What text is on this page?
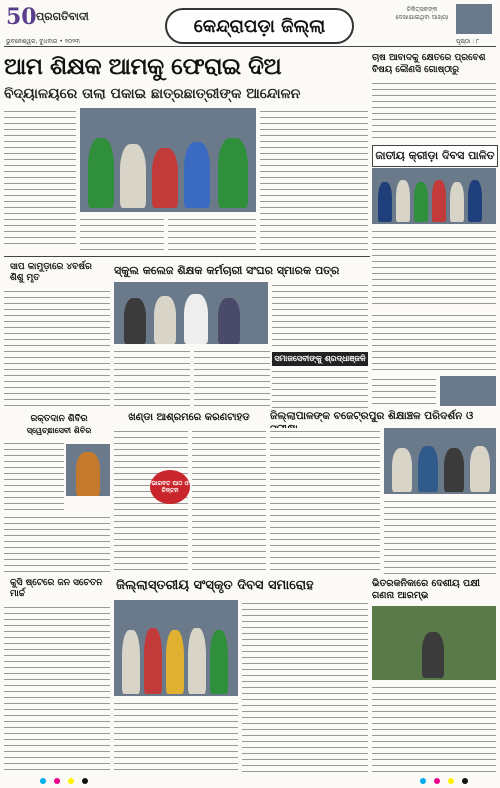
50 ପ୍ରଗତିବାଦୀ
ଭୁବନେଶ୍ୱର, ବୁଧବାର • ୨୦୨୩
କେନ୍ଦ୍ରାପଡ଼ା ଜିଲ୍ଲା
ଚିକିତ୍ସକଙ୍କ ଦେଖାଯାଇଥିବା ଆଖ୍ୟା
ପୃଷ୍ଠା : ୮
ଆମ ଶିକ୍ଷକ ଆମକୁ ଫେରାଇ ଦିଅ
ବିଦ୍ୟାଳୟରେ ତାଲା ପକାଇ ଛାତ୍ରଛାତ୍ରୀଙ୍କ ଆନ୍ଦୋଳନ
ଚାଷ ଆବାଦକୁ କ୍ଷେତରେ ପ୍ରବେଶ ବିଷୟ କୌଣସି ଗୋଷ୍ଠୀରୁ
ଜାତୀୟ କ୍ରୀଡ଼ା ଦିବସ ପାଳିତ
ସାପ କାମୁଡ଼ାରେ ୪ବର୍ଷର ଶିଶୁ ମୃତ
ସ୍କୁଲ କଲେଜ ଶିକ୍ଷକ କର୍ମଚାରୀ ସଂଘର ସ୍ମାରକ ପତ୍ର
ସମାଜସେବୀଙ୍କୁ ଶ୍ରଦ୍ଧାଞ୍ଜଳି
ରକ୍ତଦାନ ଶିବିର
ସ୍ୱେଚ୍ଛାସେବୀ ଶିବିର
ଖଣ୍ଡା ଆଶ୍ରମରେ କରଣଟାହଡ
ଭାଗବତ ପାଠ ଓ ଚିନ୍ତନ
ଜିଲ୍ଲାପାଳଙ୍କ ବଜେଟ୍ରପୁର ଶିକ୍ଷାଞ୍ଚଳ ପରିଦର୍ଶନ ଓ
କୁସି ଷ୍ଟେରେ ଜନ ସଚେତନ ମାର୍ଚ୍ଚ
ଜିଲ୍ଲାସ୍ତରୀୟ ସଂସ୍କୃତ ଦିବସ ସମାରୋହ	ଭିତରକନିକାରେ ଦେଶୀୟ ପକ୍ଷୀ ଗଣନା ଆରମ୍ଭ
